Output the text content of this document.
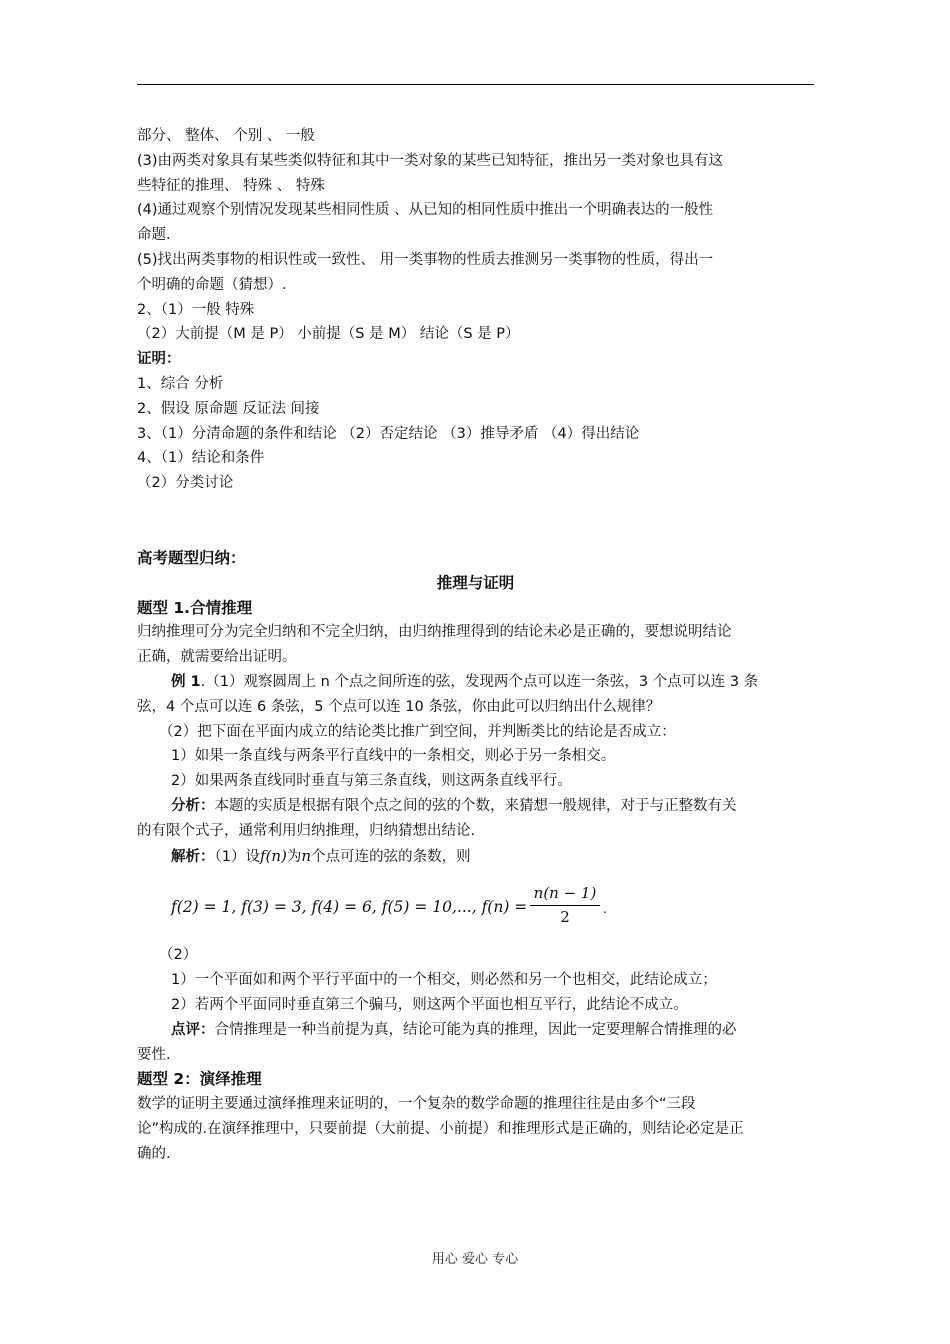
部分、 整体、 个别 、 一般

(3)由两类对象具有某些类似特征和其中一类对象的某些已知特征，推出另一类对象也具有这

些特征的推理、 特殊 、 特殊

(4)通过观察个别情况发现某些相同性质 、从已知的相同性质中推出一个明确表达的一般性

命题.

(5)找出两类事物的相识性或一致性、 用一类事物的性质去推测另一类事物的性质，得出一

个明确的命题（猜想）.

2、（1）一般 特殊

（2）大前提（M 是 P） 小前提（S 是 M） 结论（S 是 P）

证明：

1、综合 分析

2、假设 原命题 反证法 间接

3、（1）分清命题的条件和结论 （2）否定结论 （3）推导矛盾 （4）得出结论

4、（1）结论和条件

（2）分类讨论

高考题型归纳：

推理与证明

题型 1.合情推理

归纳推理可分为完全归纳和不完全归纳，由归纳推理得到的结论未必是正确的，要想说明结论

正确，就需要给出证明。

例 1.（1）观察圆周上 n 个点之间所连的弦，发现两个点可以连一条弦，3 个点可以连 3 条

弦，4 个点可以连 6 条弦，5 个点可以连 10 条弦，你由此可以归纳出什么规律？

（2）把下面在平面内成立的结论类比推广到空间，并判断类比的结论是否成立：

1）如果一条直线与两条平行直线中的一条相交，则必于另一条相交。

2）如果两条直线同时垂直与第三条直线，则这两条直线平行。

分析：本题的实质是根据有限个点之间的弦的个数，来猜想一般规律，对于与正整数有关

的有限个式子，通常利用归纳推理，归纳猜想出结论.

解析：（1）设f(n)为n个点可连的弦的条数，则

f(2) = 1, f(3) = 3, f(4) = 6, f(5) = 10,..., $f(n) = \frac{n(n - 1)}{2}$ .

（2）

1）一个平面如和两个平行平面中的一个相交，则必然和另一个也相交，此结论成立；

2）若两个平面同时垂直第三个骗马，则这两个平面也相互平行，此结论不成立。

点评：合情推理是一种当前提为真，结论可能为真的推理，因此一定要理解合情推理的必

要性.

题型 2：演绎推理

数学的证明主要通过演绎推理来证明的，一个复杂的数学命题的推理往往是由多个“三段

论”构成的.在演绎推理中，只要前提（大前提、小前提）和推理形式是正确的，则结论必定是正

确的.

用心 爱心 专心
